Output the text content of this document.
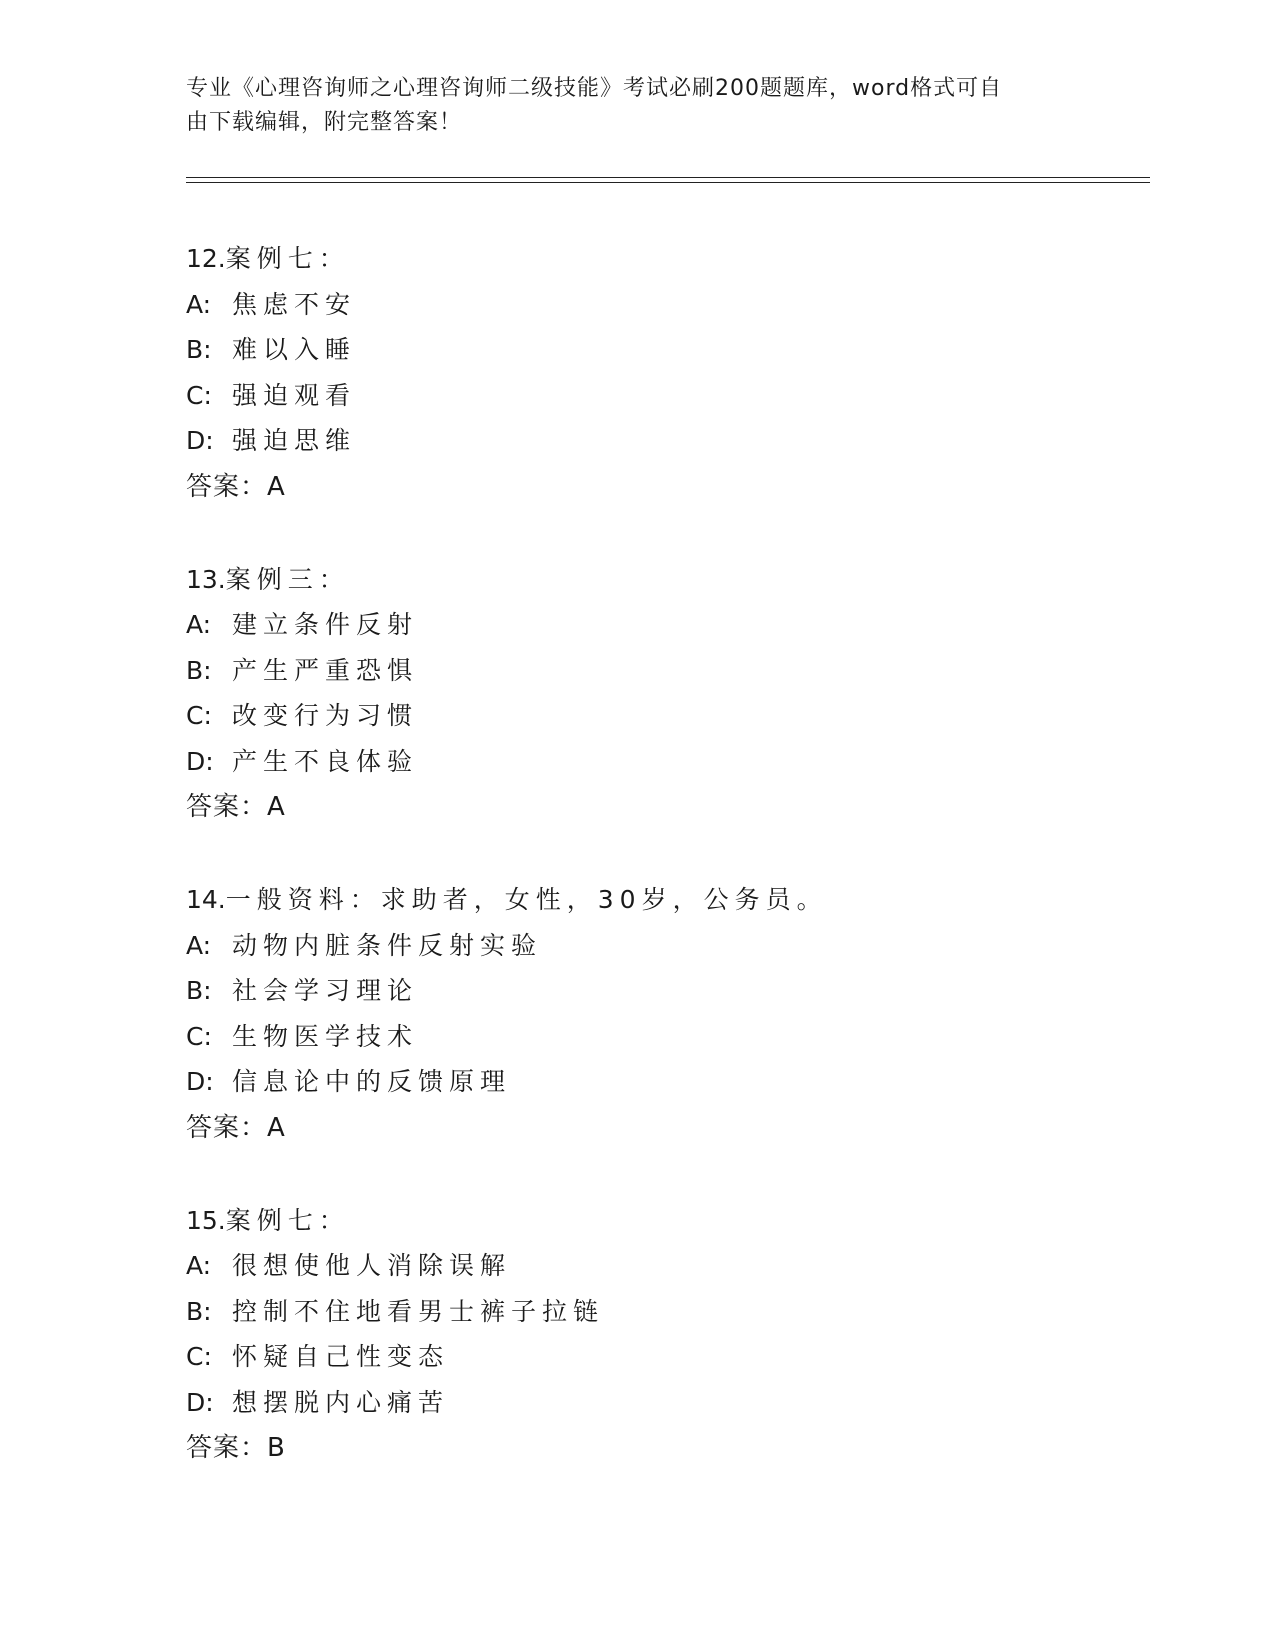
专业《心理咨询师之心理咨询师二级技能》考试必刷200题题库，word格式可自
由下载编辑，附完整答案！
12.案例七：
A: 焦虑不安
B: 难以入睡
C: 强迫观看
D: 强迫思维
答案：A
13.案例三：
A: 建立条件反射
B: 产生严重恐惧
C: 改变行为习惯
D: 产生不良体验
答案：A
14.一般资料：求助者，女性，30岁，公务员。
A: 动物内脏条件反射实验
B: 社会学习理论
C: 生物医学技术
D: 信息论中的反馈原理
答案：A
15.案例七：
A: 很想使他人消除误解
B: 控制不住地看男士裤子拉链
C: 怀疑自己性变态
D: 想摆脱内心痛苦
答案：B
